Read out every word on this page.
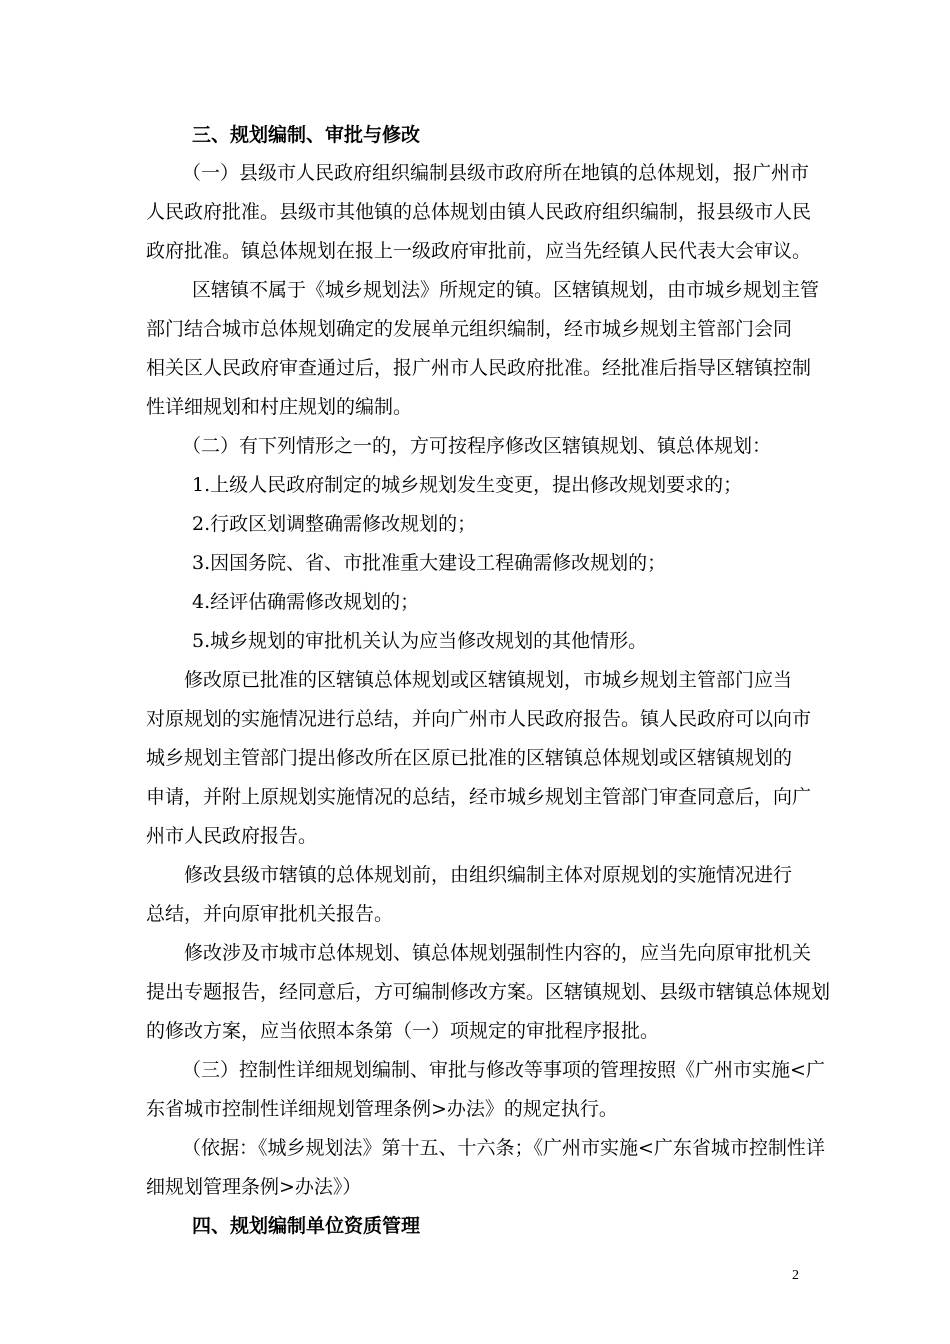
三、规划编制、审批与修改
（一）县级市人民政府组织编制县级市政府所在地镇的总体规划，报广州市
人民政府批准。县级市其他镇的总体规划由镇人民政府组织编制，报县级市人民
政府批准。镇总体规划在报上一级政府审批前，应当先经镇人民代表大会审议。
区辖镇不属于《城乡规划法》所规定的镇。区辖镇规划，由市城乡规划主管
部门结合城市总体规划确定的发展单元组织编制，经市城乡规划主管部门会同
相关区人民政府审查通过后，报广州市人民政府批准。经批准后指导区辖镇控制
性详细规划和村庄规划的编制。
（二）有下列情形之一的，方可按程序修改区辖镇规划、镇总体规划：
1.上级人民政府制定的城乡规划发生变更，提出修改规划要求的；
2.行政区划调整确需修改规划的；
3.因国务院、省、市批准重大建设工程确需修改规划的；
4.经评估确需修改规划的；
5.城乡规划的审批机关认为应当修改规划的其他情形。
修改原已批准的区辖镇总体规划或区辖镇规划，市城乡规划主管部门应当
对原规划的实施情况进行总结，并向广州市人民政府报告。镇人民政府可以向市
城乡规划主管部门提出修改所在区原已批准的区辖镇总体规划或区辖镇规划的
申请，并附上原规划实施情况的总结，经市城乡规划主管部门审查同意后，向广
州市人民政府报告。
修改县级市辖镇的总体规划前，由组织编制主体对原规划的实施情况进行
总结，并向原审批机关报告。
修改涉及市城市总体规划、镇总体规划强制性内容的，应当先向原审批机关
提出专题报告，经同意后，方可编制修改方案。区辖镇规划、县级市辖镇总体规划
的修改方案，应当依照本条第（一）项规定的审批程序报批。
（三）控制性详细规划编制、审批与修改等事项的管理按照《广州市实施<广
东省城市控制性详细规划管理条例>办法》的规定执行。
（依据：《城乡规划法》第十五、十六条；《广州市实施<广东省城市控制性详
细规划管理条例>办法》）
四、规划编制单位资质管理
2
